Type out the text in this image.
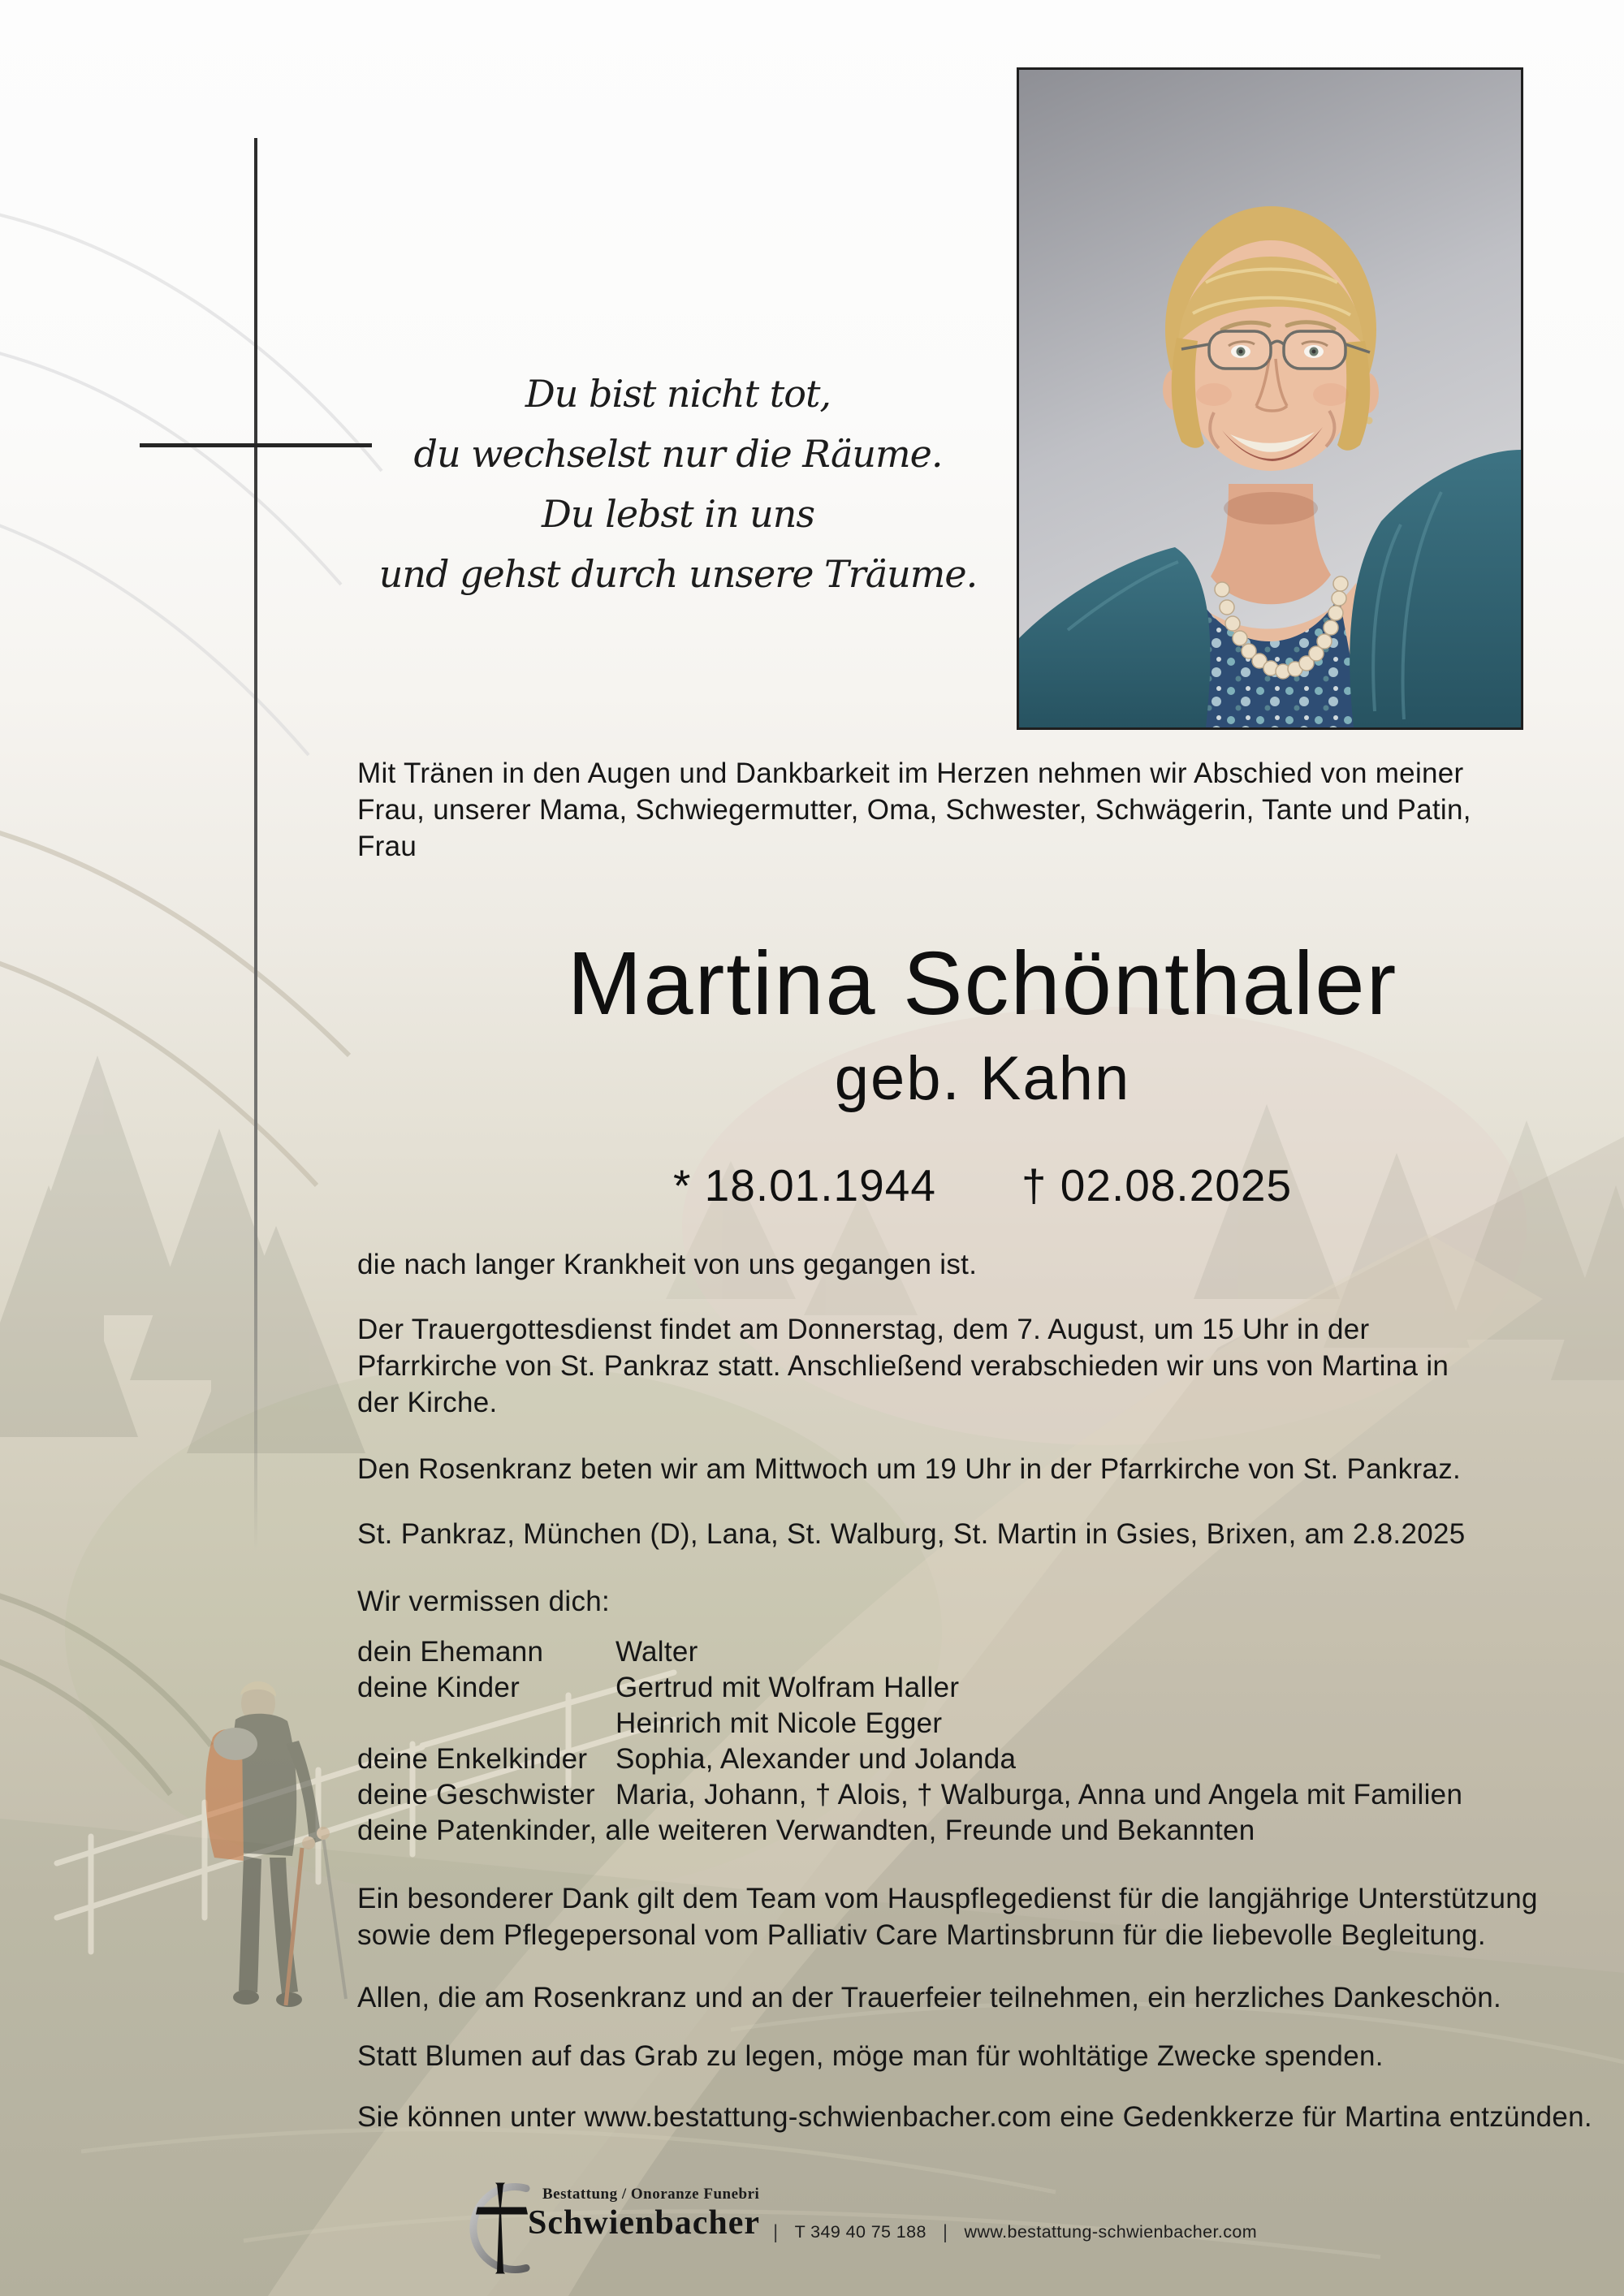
Du bist nicht tot,
du wechselst nur die Räume.
Du lebst in uns
und gehst durch unsere Träume.
Mit Tränen in den Augen und Dankbarkeit im Herzen nehmen wir Abschied von meiner
Frau, unserer Mama, Schwiegermutter, Oma, Schwester, Schwägerin, Tante und Patin,
Frau
Martina Schönthaler
geb. Kahn
* 18.01.1944 † 02.08.2025
die nach langer Krankheit von uns gegangen ist.
Der Trauergottesdienst findet am Donnerstag, dem 7. August, um 15 Uhr in der
Pfarrkirche von St. Pankraz statt. Anschließend verabschieden wir uns von Martina in
der Kirche.
Den Rosenkranz beten wir am Mittwoch um 19 Uhr in der Pfarrkirche von St. Pankraz.
St. Pankraz, München (D), Lana, St. Walburg, St. Martin in Gsies, Brixen, am 2.8.2025
Wir vermissen dich:
dein Ehemann	Walter
deine Kinder	Gertrud mit Wolfram Haller
Heinrich mit Nicole Egger
deine Enkelkinder Sophia, Alexander und Jolanda
deine Geschwister Maria, Johann, † Alois, † Walburga, Anna und Angela mit Familien
deine Patenkinder, alle weiteren Verwandten, Freunde und Bekannten
Ein besonderer Dank gilt dem Team vom Hauspflegedienst für die langjährige Unterstützung
sowie dem Pflegepersonal vom Palliativ Care Martinsbrunn für die liebevolle Begleitung.
Allen, die am Rosenkranz und an der Trauerfeier teilnehmen, ein herzliches Dankeschön.
Statt Blumen auf das Grab zu legen, möge man für wohltätige Zwecke spenden.
Sie können unter www.bestattung-schwienbacher.com eine Gedenkkerze für Martina entzünden.
Bestattung / Onoranze Funebri
Schwienbacher | T 349 40 75 188 | www.bestattung-schwienbacher.com
